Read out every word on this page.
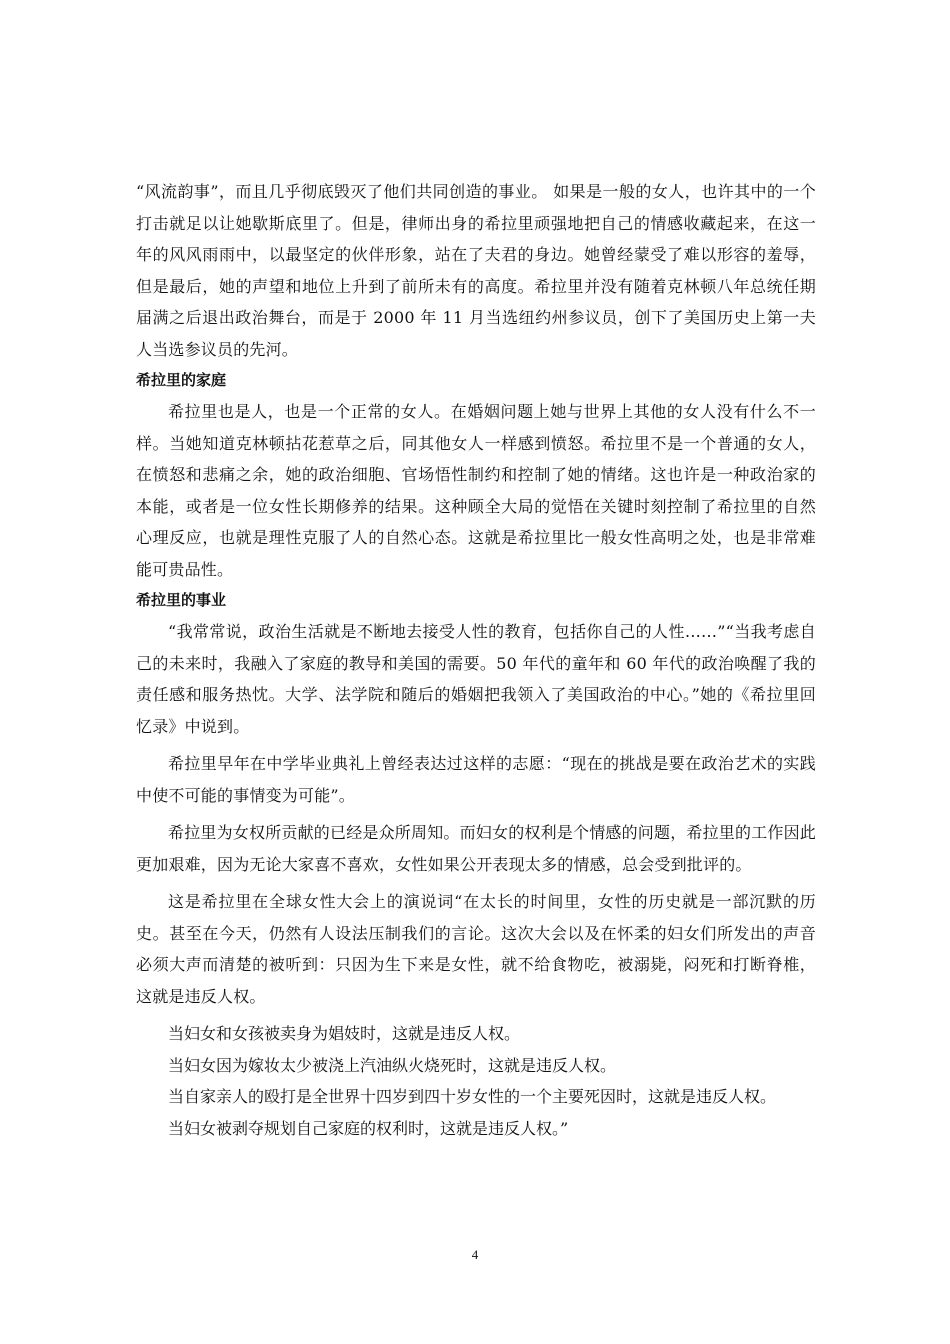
“风流韵事”，而且几乎彻底毁灭了他们共同创造的事业。 如果是一般的女人，也许其中的一个打击就足以让她歇斯底里了。但是，律师出身的希拉里顽强地把自己的情感收藏起来，在这一年的风风雨雨中，以最坚定的伙伴形象，站在了夫君的身边。她曾经蒙受了难以形容的羞辱，但是最后，她的声望和地位上升到了前所未有的高度。希拉里并没有随着克林顿八年总统任期届满之后退出政治舞台，而是于 2000 年 11 月当选纽约州参议员，创下了美国历史上第一夫人当选参议员的先河。

希拉里的家庭

希拉里也是人，也是一个正常的女人。在婚姻问题上她与世界上其他的女人没有什么不一样。当她知道克林顿拈花惹草之后，同其他女人一样感到愤怒。希拉里不是一个普通的女人，在愤怒和悲痛之余，她的政治细胞、官场悟性制约和控制了她的情绪。这也许是一种政治家的本能，或者是一位女性长期修养的结果。这种顾全大局的觉悟在关键时刻控制了希拉里的自然心理反应，也就是理性克服了人的自然心态。这就是希拉里比一般女性高明之处，也是非常难能可贵品性。

希拉里的事业

“我常常说，政治生活就是不断地去接受人性的教育，包括你自己的人性……”“当我考虑自己的未来时，我融入了家庭的教导和美国的需要。50 年代的童年和 60 年代的政治唤醒了我的责任感和服务热忱。大学、法学院和随后的婚姻把我领入了美国政治的中心。”她的《希拉里回忆录》中说到。

希拉里早年在中学毕业典礼上曾经表达过这样的志愿：“现在的挑战是要在政治艺术的实践中使不可能的事情变为可能”。

希拉里为女权所贡献的已经是众所周知。而妇女的权利是个情感的问题，希拉里的工作因此更加艰难，因为无论大家喜不喜欢，女性如果公开表现太多的情感，总会受到批评的。

这是希拉里在全球女性大会上的演说词“在太长的时间里，女性的历史就是一部沉默的历史。甚至在今天，仍然有人设法压制我们的言论。这次大会以及在怀柔的妇女们所发出的声音必须大声而清楚的被听到：只因为生下来是女性，就不给食物吃，被溺毙，闷死和打断脊椎，这就是违反人权。

当妇女和女孩被卖身为娼妓时，这就是违反人权。

当妇女因为嫁妆太少被浇上汽油纵火烧死时，这就是违反人权。

当自家亲人的殴打是全世界十四岁到四十岁女性的一个主要死因时，这就是违反人权。

当妇女被剥夺规划自己家庭的权利时，这就是违反人权。”

4
